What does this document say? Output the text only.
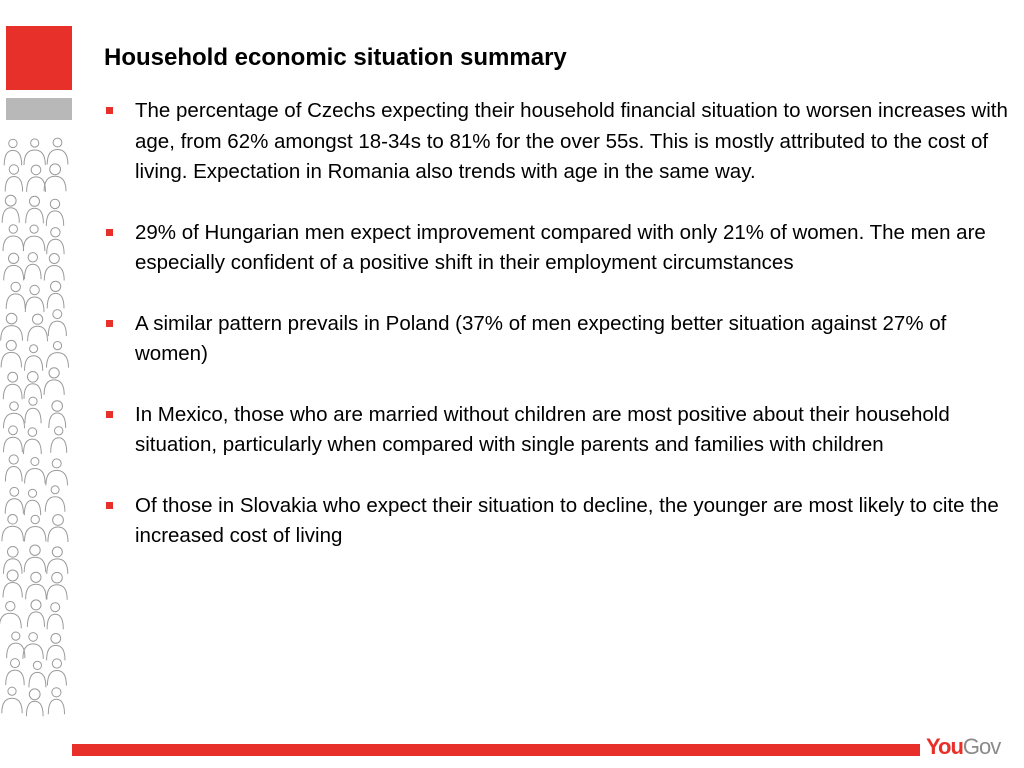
Household economic situation summary
The percentage of Czechs expecting their household financial situation to worsen increases with age, from 62% amongst 18-34s to 81% for the over 55s. This is mostly attributed to the cost of living. Expectation in Romania also trends with age in the same way.
29% of Hungarian men expect improvement compared with only 21% of women. The men are especially confident of a positive shift in their employment circumstances
A similar pattern prevails in Poland (37% of men expecting better situation against 27% of women)
In Mexico, those who are married without children are most positive about their household situation, particularly when compared with single parents and families with children
Of those in Slovakia who expect their situation to decline, the younger are most likely to cite the increased cost of living
YouGov
